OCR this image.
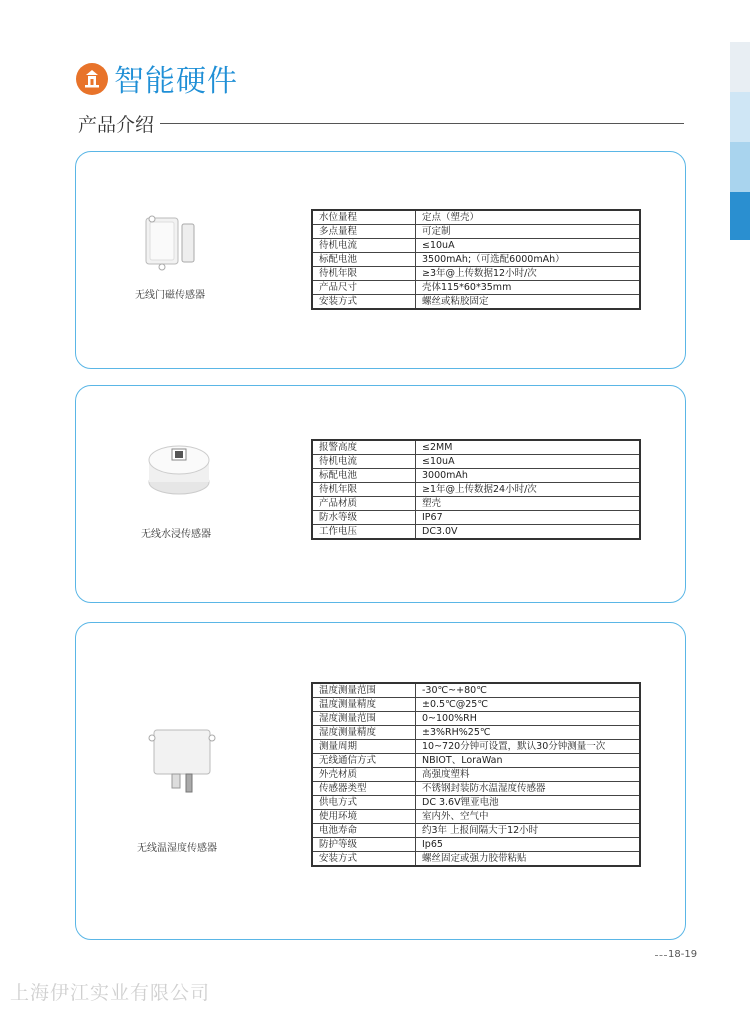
智能硬件
产品介绍
无线门磁传感器
水位量程	定点（塑壳）
多点量程	可定制
待机电流	≤10uA
标配电池	3500mAh;（可选配6000mAh）
待机年限	≥3年@上传数据12小时/次
产品尺寸	壳体115*60*35mm
安装方式	螺丝或粘胶固定
无线水浸传感器
报警高度	≤2MM
待机电流	≤10uA
标配电池	3000mAh
待机年限	≥1年@上传数据24小时/次
产品材质	塑壳
防水等级	IP67
工作电压	DC3.0V
无线温湿度传感器
温度测量范围	-30℃~+80℃
温度测量精度	±0.5℃@25℃
湿度测量范围	0~100%RH
湿度测量精度	±3%RH%25℃
测量周期	10~720分钟可设置，默认30分钟测量一次
无线通信方式	NBIOT、LoraWan
外壳材质	高强度塑料
传感器类型	不锈钢封装防水温湿度传感器
供电方式	DC 3.6V锂亚电池
使用环境	室内外、空气中
电池寿命	约3年 上报间隔大于12小时
防护等级	Ip65
安装方式	螺丝固定或强力胶带粘贴
18-19
上海伊江实业有限公司
